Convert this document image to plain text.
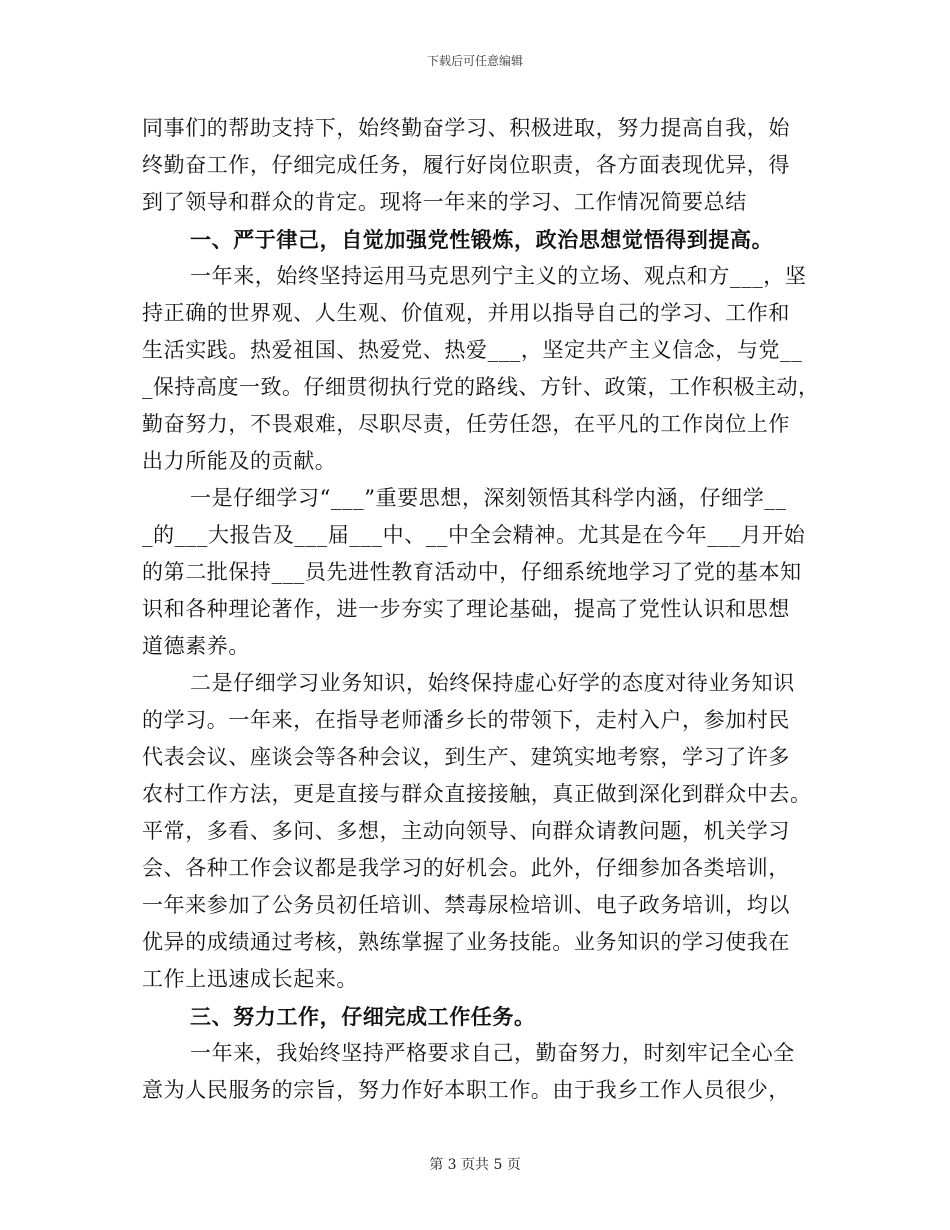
下载后可任意编辑
同事们的帮助支持下，始终勤奋学习、积极进取，努力提高自我，始
终勤奋工作，仔细完成任务，履行好岗位职责，各方面表现优异，得
到了领导和群众的肯定。现将一年来的学习、工作情况简要总结
一、严于律己，自觉加强党性锻炼，政治思想觉悟得到提高。
一年来，始终坚持运用马克思列宁主义的立场、观点和方___，坚
持正确的世界观、人生观、价值观，并用以指导自己的学习、工作和
生活实践。热爱祖国、热爱党、热爱___，坚定共产主义信念，与党__
_保持高度一致。仔细贯彻执行党的路线、方针、政策，工作积极主动，
勤奋努力，不畏艰难，尽职尽责，任劳任怨，在平凡的工作岗位上作
出力所能及的贡献。
一是仔细学习“___”重要思想，深刻领悟其科学内涵，仔细学__
_的___大报告及___届___中、__中全会精神。尤其是在今年___月开始
的第二批保持___员先进性教育活动中，仔细系统地学习了党的基本知
识和各种理论著作，进一步夯实了理论基础，提高了党性认识和思想
道德素养。
二是仔细学习业务知识，始终保持虚心好学的态度对待业务知识
的学习。一年来，在指导老师潘乡长的带领下，走村入户，参加村民
代表会议、座谈会等各种会议，到生产、建筑实地考察，学习了许多
农村工作方法，更是直接与群众直接接触，真正做到深化到群众中去。
平常，多看、多问、多想，主动向领导、向群众请教问题，机关学习
会、各种工作会议都是我学习的好机会。此外，仔细参加各类培训，
一年来参加了公务员初任培训、禁毒尿检培训、电子政务培训，均以
优异的成绩通过考核，熟练掌握了业务技能。业务知识的学习使我在
工作上迅速成长起来。
三、努力工作，仔细完成工作任务。
一年来，我始终坚持严格要求自己，勤奋努力，时刻牢记全心全
意为人民服务的宗旨，努力作好本职工作。由于我乡工作人员很少，
第 3 页共 5 页
